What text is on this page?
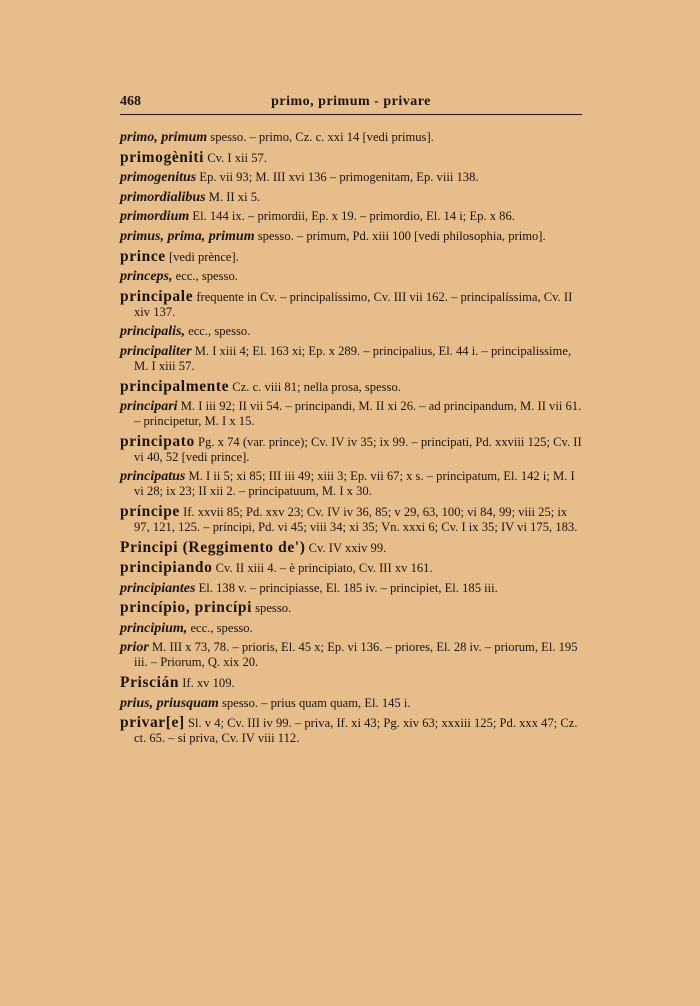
468	primo, primum - privare
primo, primum spesso. – primo, Cz. c. xxi 14 [vedi primus].
primogèniti Cv. I xii 57.
primogenitus Ep. vii 93; M. III xvi 136 – primogenitam, Ep. viii 138.
primordialibus M. II xi 5.
primordium El. 144 ix. – primordii, Ep. x 19. – primordio, El. 14 i; Ep. x 86.
primus, prima, primum spesso. – primum, Pd. xiii 100 [vedi philosophia, primo].
prince [vedi prènce].
princeps, ecc., spesso.
principale frequente in Cv. – principalíssimo, Cv. III vii 162. – principalíssima, Cv. II xiv 137.
principalis, ecc., spesso.
principaliter M. I xiii 4; El. 163 xi; Ep. x 289. – principalius, El. 44 i. – principalissime, M. I xiii 57.
principalmente Cz. c. viii 81; nella prosa, spesso.
principari M. I iii 92; II vii 54. – principandi, M. II xi 26. – ad principandum, M. II vii 61. – principetur, M. I x 15.
principato Pg. x 74 (var. prince); Cv. IV iv 35; ix 99. – principati, Pd. xxviii 125; Cv. II vi 40, 52 [vedi prince].
principatus M. I ii 5; xi 85; III iii 49; xiii 3; Ep. vii 67; x s. – principatum, El. 142 i; M. I vi 28; ix 23; II xii 2. – principatuum, M. I x 30.
príncipe If. xxvii 85; Pd. xxv 23; Cv. IV iv 36, 85; v 29, 63, 100; vi 84, 99; viii 25; ix 97, 121, 125. – príncipi, Pd. vi 45; viii 34; xi 35; Vn. xxxi 6; Cv. I ix 35; IV vi 175, 183.
Principi (Reggimento de') Cv. IV xxiv 99.
principiando Cv. II xiii 4. – è principiato, Cv. III xv 161.
principiantes El. 138 v. – principiasse, El. 185 iv. – principiet, El. 185 iii.
princípio, princípi spesso.
principium, ecc., spesso.
prior M. III x 73, 78. – prioris, El. 45 x; Ep. vi 136. – priores, El. 28 iv. – priorum, El. 195 iii. – Priorum, Q. xix 20.
Priscián If. xv 109.
prius, priusquam spesso. – prius quam quam, El. 145 i.
privar[e] Sl. v 4; Cv. III iv 99. – priva, If. xi 43; Pg. xiv 63; xxxiii 125; Pd. xxx 47; Cz. ct. 65. – si priva, Cv. IV viii 112.
